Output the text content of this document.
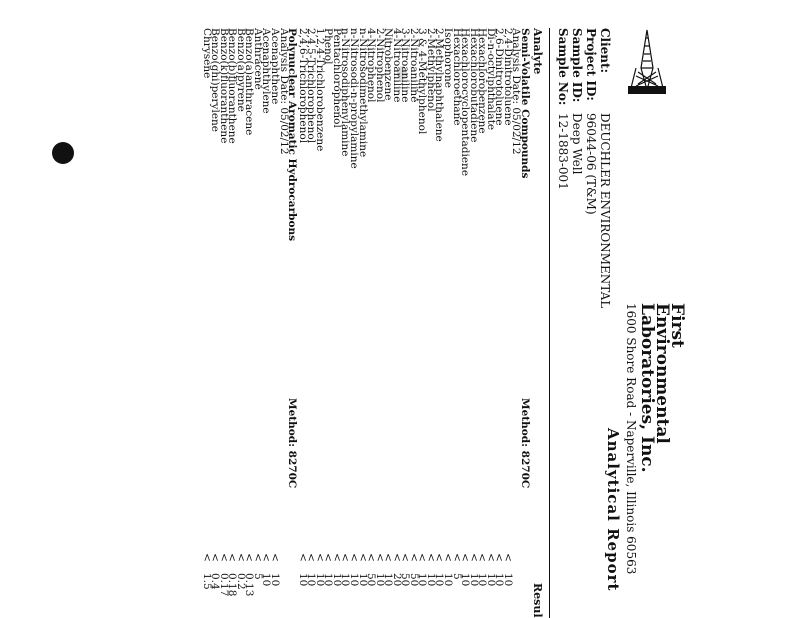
First
Environmental
Laboratories, Inc.
1600 Shore Road - Naperville, Illinois 60563
Analytical Report
Client:
DEUCHLER ENVIRONMENTAL
Project ID:
96044-06 (T&M)
Sample ID:
Deep Well
Sample No:
12-1883-001
Analyte
Resul
Semi-Volatile Compounds
Method: 8270C
Analysis Date: 05/02/12
2,4-Dinitrotoluene
<
10
2,6-Dinitrotoluene
<
10
Di-n-octylphthalate
<
10
Hexachlorobenzene
<
10
Hexachlorobutadiene
<
10
Hexachlorocyclopentadiene
<
10
Hexachloroethane
<
5
Isophorone
<
10
2-Methylnaphthalene
<
10
2-Methylphenol
<
10
3 & 4-Methylphenol
<
10
2-Nitroaniline
<
50
3-Nitroaniline
<
50
4-Nitroaniline
<
20
Nitrobenzene
<
10
2-Nitrophenol
<
10
4-Nitrophenol
<
50
n-Nitrosodimethylamine
<
10
n-Nitrosodi-n-propylamine
<
10
n-Nitrosodiphenylamine
<
10
Pentachlorophenol
<
10
Phenol
<
10
1,2,4-Trichlorobenzene
<
10
2,4,5-Trichlorophenol
<
10
2,4,6-Trichlorophenol
<
10
Polynuclear Aromatic Hydrocarbons
Method: 8270C
Analysis Date: 05/02/12
Acenaphthene
<
10
Acenaphthylene
<
10
Anthracene
<
5
Benzo(a)anthracene
<
0.13
Benzo(a)pyrene
<
0.2
Benzo(b)fluoranthene
<
0.18
Benzo(k)fluoranthene
<
0.17
Benzo(ghi)perylene
<
0.4
Chrysene
<
1.5
